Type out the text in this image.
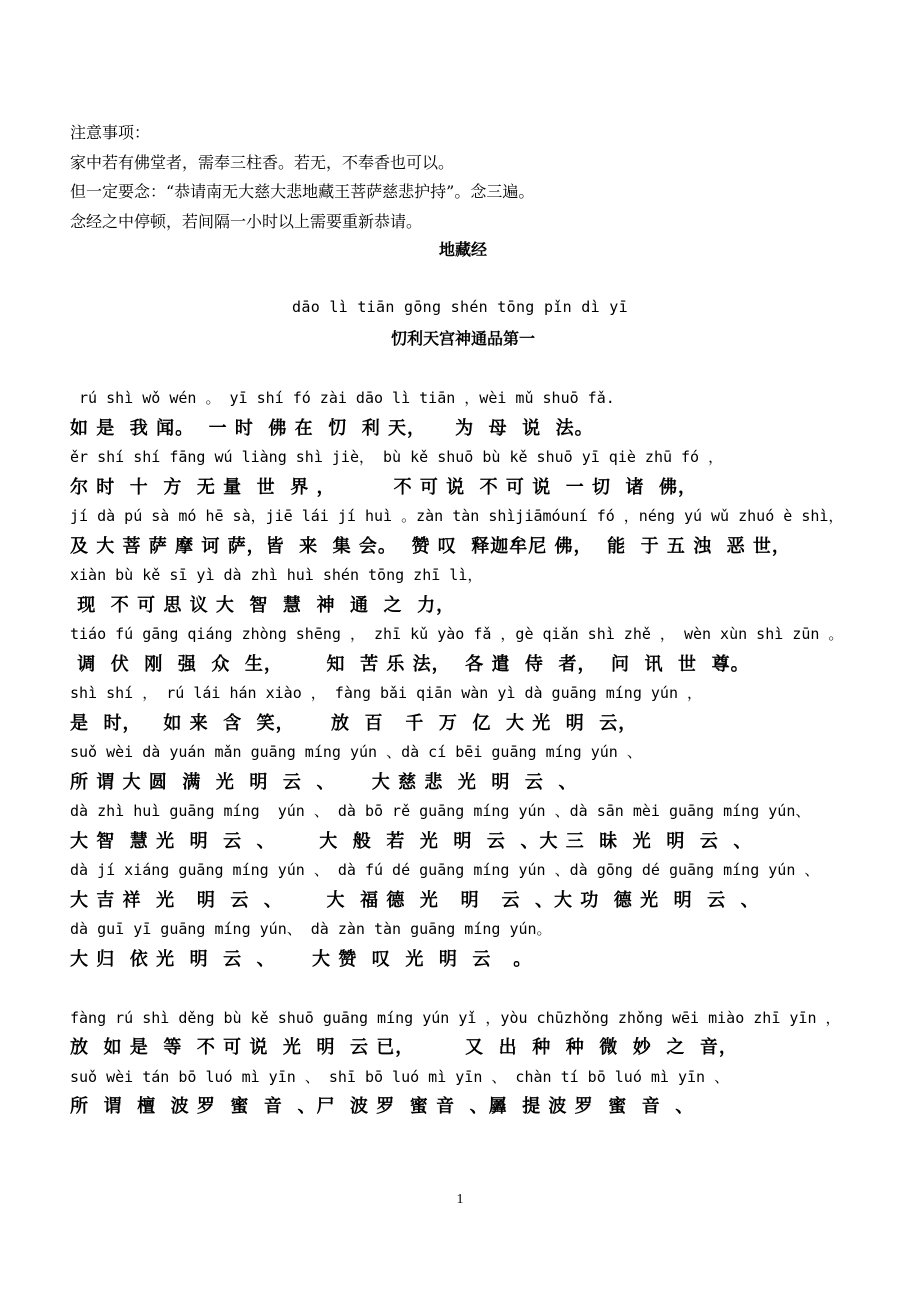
注意事项：
家中若有佛堂者，需奉三柱香。若无，不奉香也可以。
但一定要念：“恭请南无大慈大悲地藏王菩萨慈悲护持”。念三遍。
念经之中停顿，若间隔一小时以上需要重新恭请。
地藏经
dāo lì tiān gōng shén tōng pǐn dì yī
忉利天宫神通品第一
rú shì wǒ wén 。 yī shí fó zài dāo lì tiān ，wèi mǔ shuō fǎ.
如 是  我 闻。  一 时  佛 在  忉  利 天，    为  母  说  法。
ěr shí shí fāng wú liàng shì jiè， bù kě shuō bù kě shuō yī qiè zhū fó ，
尔 时  十  方  无 量  世  界 ，        不 可 说  不 可 说  一 切  诸  佛，
jí dà pú sà mó hē sà，jiē lái jí huì 。zàn tàn shìjiāmóuní fó ，néng yú wǔ zhuó è shì，
及 大 菩 萨 摩 诃 萨，皆  来  集 会。  赞 叹  释迦牟尼 佛，  能  于 五 浊  恶 世，
xiàn bù kě sī yì dà zhì huì shén tōng zhī lì，
现  不 可 思 议 大  智  慧  神  通  之  力，
tiáo fú gāng qiáng zhòng shēng ， zhī kǔ yào fǎ ，gè qiǎn shì zhě ， wèn xùn shì zūn 。
调  伏  刚  强  众  生，      知  苦 乐 法，  各 遣  侍  者，  问  讯  世  尊。
shì shí ， rú lái hán xiào ， fàng bǎi qiān wàn yì dà guāng míng yún ，
是  时，   如 来  含  笑，     放  百   千  万  亿  大 光  明  云，
suǒ wèi dà yuán mǎn guāng míng yún 、dà cí bēi guāng míng yún 、
所 谓 大 圆  满  光  明  云  、     大 慈 悲  光  明  云  、
dà zhì huì guāng míng  yún 、 dà bō rě guāng míng yún 、dà sān mèi guāng míng yún、
大 智  慧 光  明  云  、      大  般  若  光  明  云  、大 三  昧  光  明  云  、
dà jí xiáng guāng míng yún 、 dà fú dé guāng míng yún 、dà gōng dé guāng míng yún 、
大 吉 祥  光   明  云  、      大  福 德  光   明   云  、大 功  德 光  明  云  、
dà guī yī guāng míng yún、 dà zàn tàn guāng míng yún。
大 归  依 光  明  云  、     大 赞  叹  光  明  云   。
fàng rú shì děng bù kě shuō guāng míng yún yǐ ，yòu chūzhǒng zhǒng wēi miào zhī yīn ，
放  如 是  等  不 可 说  光  明  云 已，       又  出  种  种  微  妙  之  音，
suǒ wèi tán bō luó mì yīn 、 shī bō luó mì yīn 、 chàn tí bō luó mì yīn 、
所  谓  檀  波 罗  蜜  音  、尸  波 罗  蜜 音  、羼  提 波 罗  蜜  音  、
1
